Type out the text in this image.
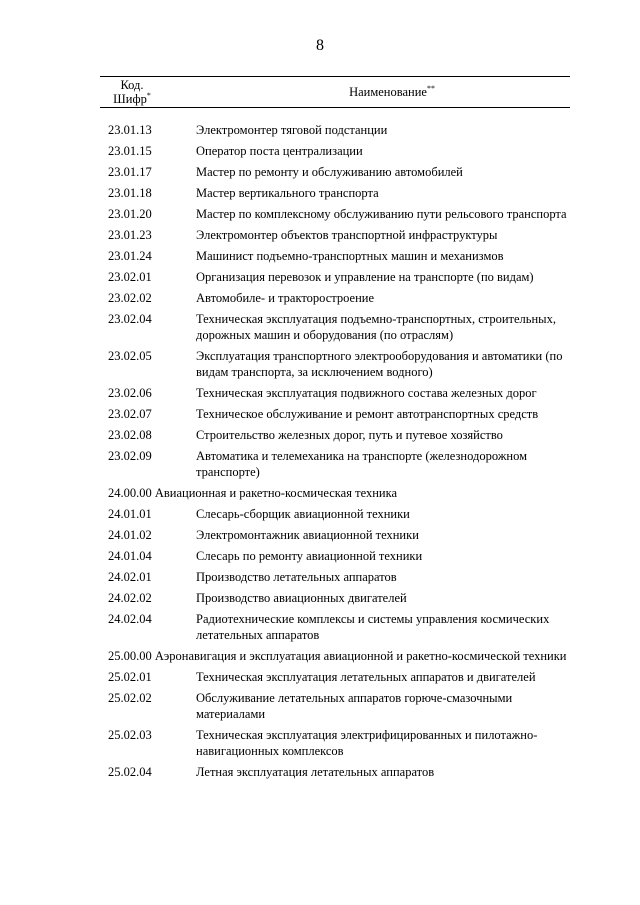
8
Код.
Шифр*	Наименование**
23.01.13	Электромонтер тяговой подстанции
23.01.15	Оператор поста централизации
23.01.17	Мастер по ремонту и обслуживанию автомобилей
23.01.18	Мастер вертикального транспорта
23.01.20	Мастер по комплексному обслуживанию пути рельсового транспорта
23.01.23	Электромонтер объектов транспортной инфраструктуры
23.01.24	Машинист подъемно-транспортных машин и механизмов
23.02.01	Организация перевозок и управление на транспорте (по видам)
23.02.02	Автомобиле- и тракторостроение
23.02.04	Техническая эксплуатация подъемно-транспортных, строительных, дорожных машин и оборудования (по отраслям)
23.02.05	Эксплуатация транспортного электрооборудования и автоматики (по видам транспорта, за исключением водного)
23.02.06	Техническая эксплуатация подвижного состава железных дорог
23.02.07	Техническое обслуживание и ремонт автотранспортных средств
23.02.08	Строительство железных дорог, путь и путевое хозяйство
23.02.09	Автоматика и телемеханика на транспорте (железнодорожном транспорте)
24.00.00 Авиационная и ракетно-космическая техника
24.01.01	Слесарь-сборщик авиационной техники
24.01.02	Электромонтажник авиационной техники
24.01.04	Слесарь по ремонту авиационной техники
24.02.01	Производство летательных аппаратов
24.02.02	Производство авиационных двигателей
24.02.04	Радиотехнические комплексы и системы управления космических летательных аппаратов
25.00.00 Аэронавигация и эксплуатация авиационной и ракетно-космической техники
25.02.01	Техническая эксплуатация летательных аппаратов и двигателей
25.02.02	Обслуживание летательных аппаратов горюче-смазочными материалами
25.02.03	Техническая эксплуатация электрифицированных и пилотажно-навигационных комплексов
25.02.04	Летная эксплуатация летательных аппаратов
